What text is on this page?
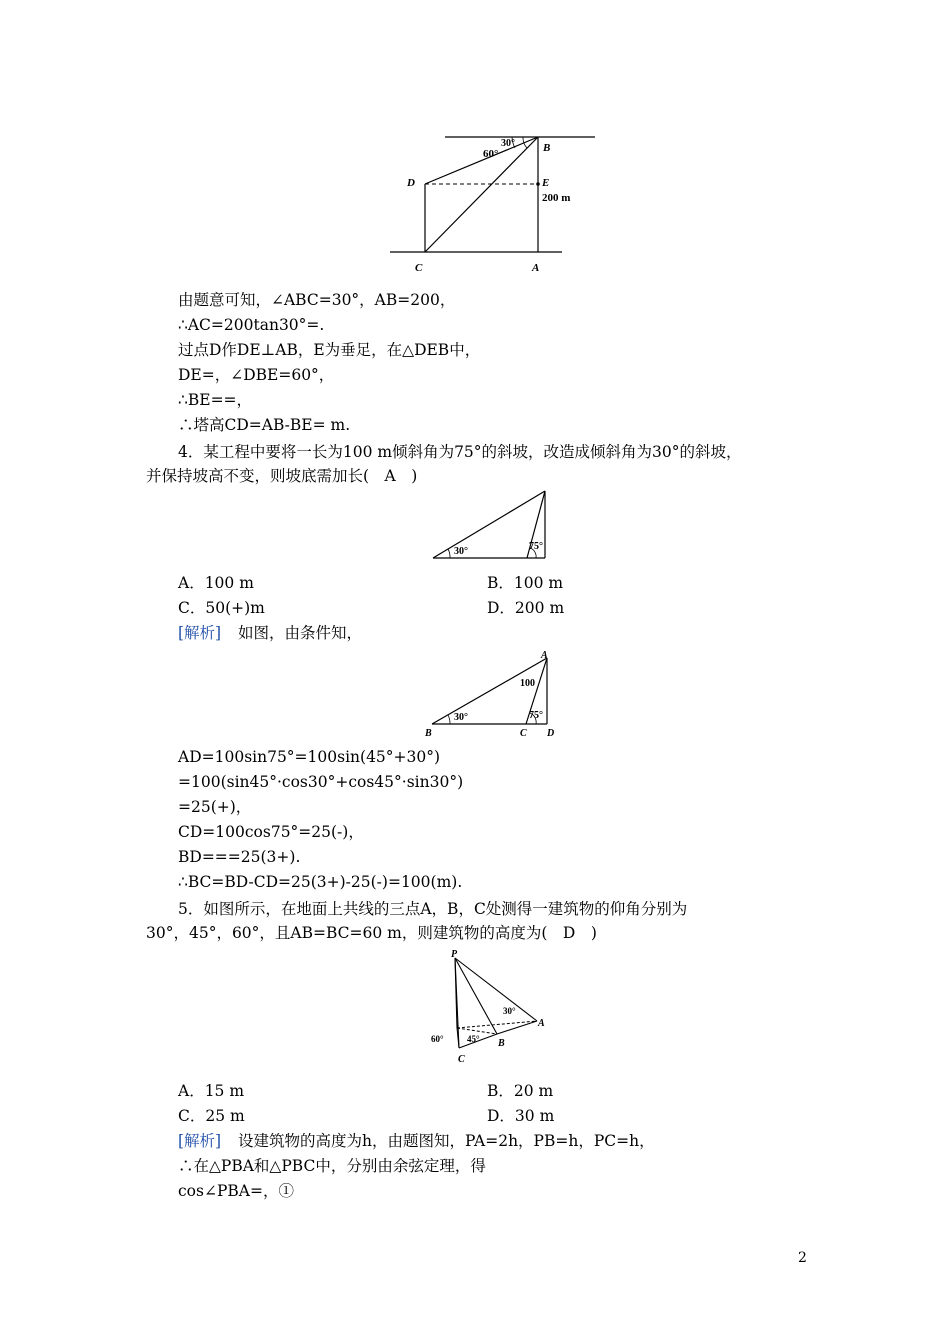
30°
60°	B
D	E
200 m
C	A
由题意可知，∠ABC=30°，AB=200，
∴AC=200tan30°=.
过点D作DE⊥AB，E为垂足，在△DEB中，
DE=，∠DBE=60°，
∴BE==，
∴塔高CD=AB-BE= m.
4．某工程中要将一长为100 m倾斜角为75°的斜坡，改造成倾斜角为30°的斜坡，
并保持坡高不变，则坡底需加长(　A　)
30°	75°
A．100 m	B．100 m
C．50(+)m	D．200 m
[解析] 如图，由条件知，
A
100
30°	75°
B	C D
AD=100sin75°=100sin(45°+30°)
=100(sin45°·cos30°+cos45°·sin30°)
=25(+)，
CD=100cos75°=25(-)，
BD===25(3+).
∴BC=BD-CD=25(3+)-25(-)=100(m).
5．如图所示，在地面上共线的三点A，B，C处测得一建筑物的仰角分别为
30°，45°，60°，且AB=BC=60 m，则建筑物的高度为(　D　)
P
30°
A
45° B
60°
C
A．15 m	B．20 m
C．25 m	D．30 m
[解析] 设建筑物的高度为h，由题图知，PA=2h，PB=h，PC=h，
∴在△PBA和△PBC中，分别由余弦定理，得
cos∠PBA=，①
2
